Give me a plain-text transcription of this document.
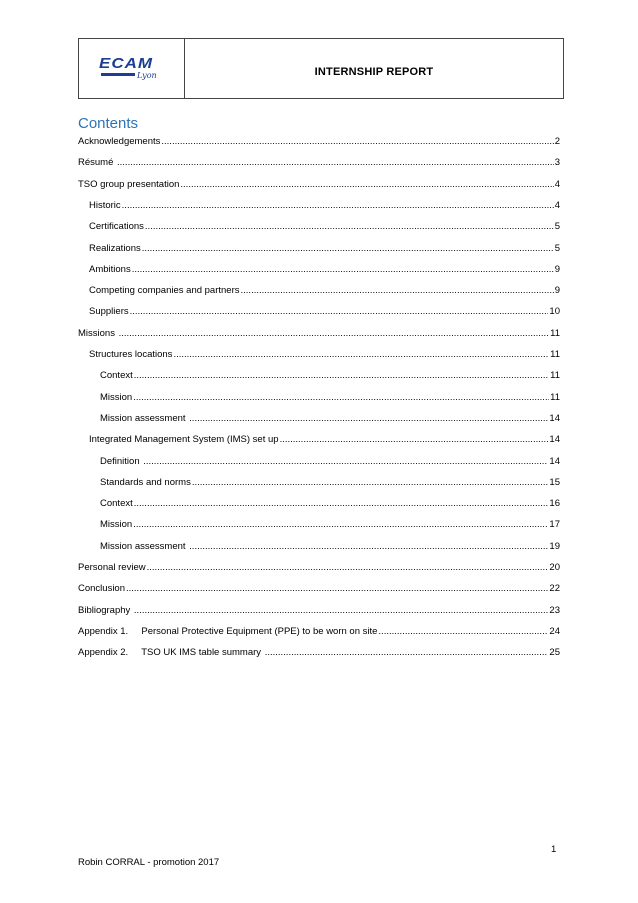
ECAM
Lyon	INTERNSHIP REPORT
Contents
Acknowledgements .....	2
Résumé .....	3
TSO group presentation .....	4
Historic .....	4
Certifications .....	5
Realizations .....	5
Ambitions .....	9
Competing companies and partners .....	9
Suppliers .....	10
Missions .....	11
Structures locations .....	11
Context .....	11
Mission .....	11
Mission assessment .....	14
Integrated Management System (IMS) set up .....	14
Definition .....	14
Standards and norms .....	15
Context .....	16
Mission .....	17
Mission assessment .....	19
Personal review .....	20
Conclusion .....	22
Bibliography .....	23
Appendix 1.     Personal Protective Equipment (PPE) to be worn on site .....	24
Appendix 2.     TSO UK IMS table summary .....	25
1
Robin CORRAL - promotion 2017
